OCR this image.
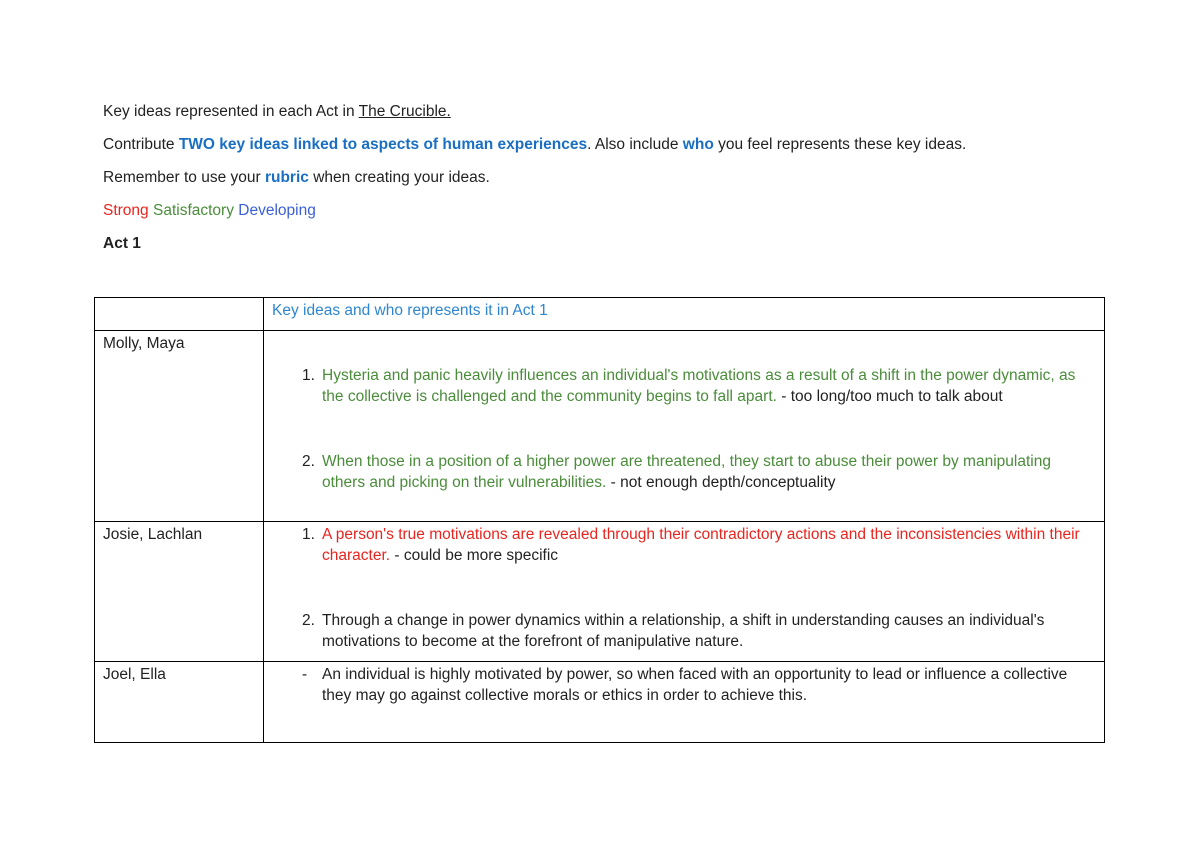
Key ideas represented in each Act in The Crucible.
Contribute TWO key ideas linked to aspects of human experiences. Also include who you feel represents these key ideas.
Remember to use your rubric when creating your ideas.
Strong Satisfactory Developing
Act 1
	Key ideas and who represents it in Act 1
Molly, Maya	1. Hysteria and panic heavily influences an individual's motivations as a result of a shift in the power dynamic, as the collective is challenged and the community begins to fall apart. - too long/too much to talk about
2. When those in a position of a higher power are threatened, they start to abuse their power by manipulating others and picking on their vulnerabilities. - not enough depth/conceptuality

Josie, Lachlan	1. A person's true motivations are revealed through their contradictory actions and the inconsistencies within their character. - could be more specific
2. Through a change in power dynamics within a relationship, a shift in understanding causes an individual's motivations to become at the forefront of manipulative nature.

Joel, Ella	- An individual is highly motivated by power, so when faced with an opportunity to lead or influence a collective they may go against collective morals or ethics in order to achieve this.
